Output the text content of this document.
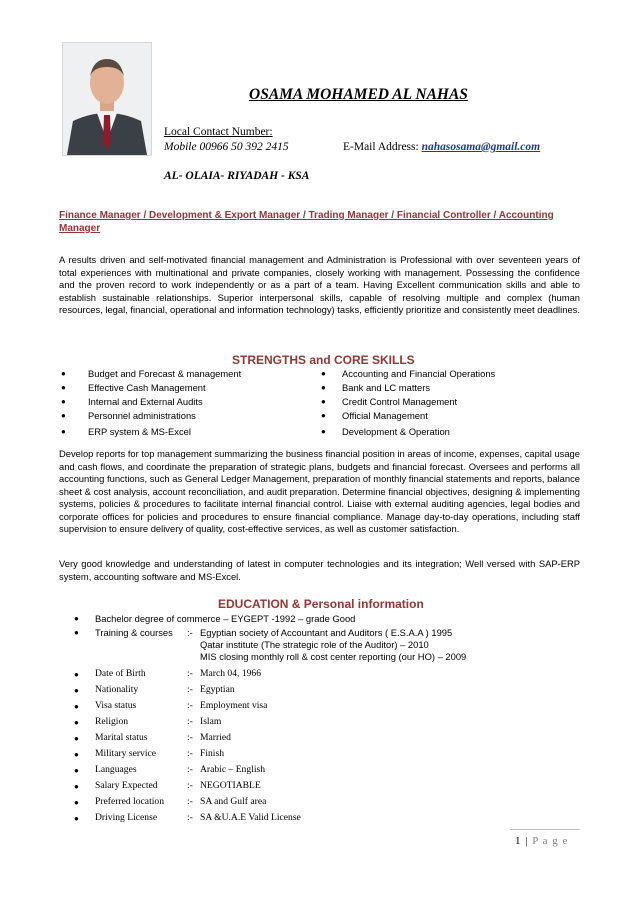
OSAMA MOHAMED AL NAHAS
Local Contact Number:
Mobile 00966 50 392 2415	E-Mail Address: nahasosama@gmail.com
AL- OLAIA- RIYADAH - KSA
Finance Manager / Development & Export Manager / Trading Manager / Financial Controller / Accounting Manager
A results driven and self-motivated financial management and Administration is Professional with over seventeen years of total experiences with multinational and private companies, closely working with management. Possessing the confidence and the proven record to work independently or as a part of a team. Having Excellent communication skills and able to establish sustainable relationships. Superior interpersonal skills, capable of resolving multiple and complex (human resources, legal, financial, operational and information technology) tasks, efficiently prioritize and consistently meet deadlines.
STRENGTHS and CORE SKILLS
● Budget and Forecast & management
● Effective Cash Management
● Internal and External Audits
● Personnel administrations
● ERP system & MS-Excel
● Accounting and Financial Operations
● Bank and LC matters
● Credit Control Management
● Official Management
● Development & Operation
Develop reports for top management summarizing the business financial position in areas of income, expenses, capital usage and cash flows, and coordinate the preparation of strategic plans, budgets and financial forecast. Oversees and performs all accounting functions, such as General Ledger Management, preparation of monthly financial statements and reports, balance sheet & cost analysis, account reconciliation, and audit preparation. Determine financial objectives, designing & implementing systems, policies & procedures to facilitate internal financial control. Liaise with external auditing agencies, legal bodies and corporate offices for policies and procedures to ensure financial compliance. Manage day-to-day operations, including staff supervision to ensure delivery of quality, cost-effective services, as well as customer satisfaction.
Very good knowledge and understanding of latest in computer technologies and its integration; Well versed with SAP-ERP system, accounting software and MS-Excel.
EDUCATION & Personal information
● Bachelor degree of commerce – EYGEPT -1992 – grade Good
● Training & courses :- Egyptian society of Accountant and Auditors ( E.S.A.A ) 1995
Qatar institute (The strategic role of the Auditor) – 2010
MIS closing monthly roll & cost center reporting (our HO) – 2009
● Date of Birth	:- March 04, 1966
● Nationality	:- Egyptian
● Visa status	:- Employment visa
● Religion	:- Islam
● Marital status	:- Married
● Military service	:- Finish
● Languages	:- Arabic – English
● Salary Expected	:- NEGOTIABLE
● Preferred location :- SA and Gulf area
● Driving License	:- SA &U.A.E Valid License
1 | P a g e
